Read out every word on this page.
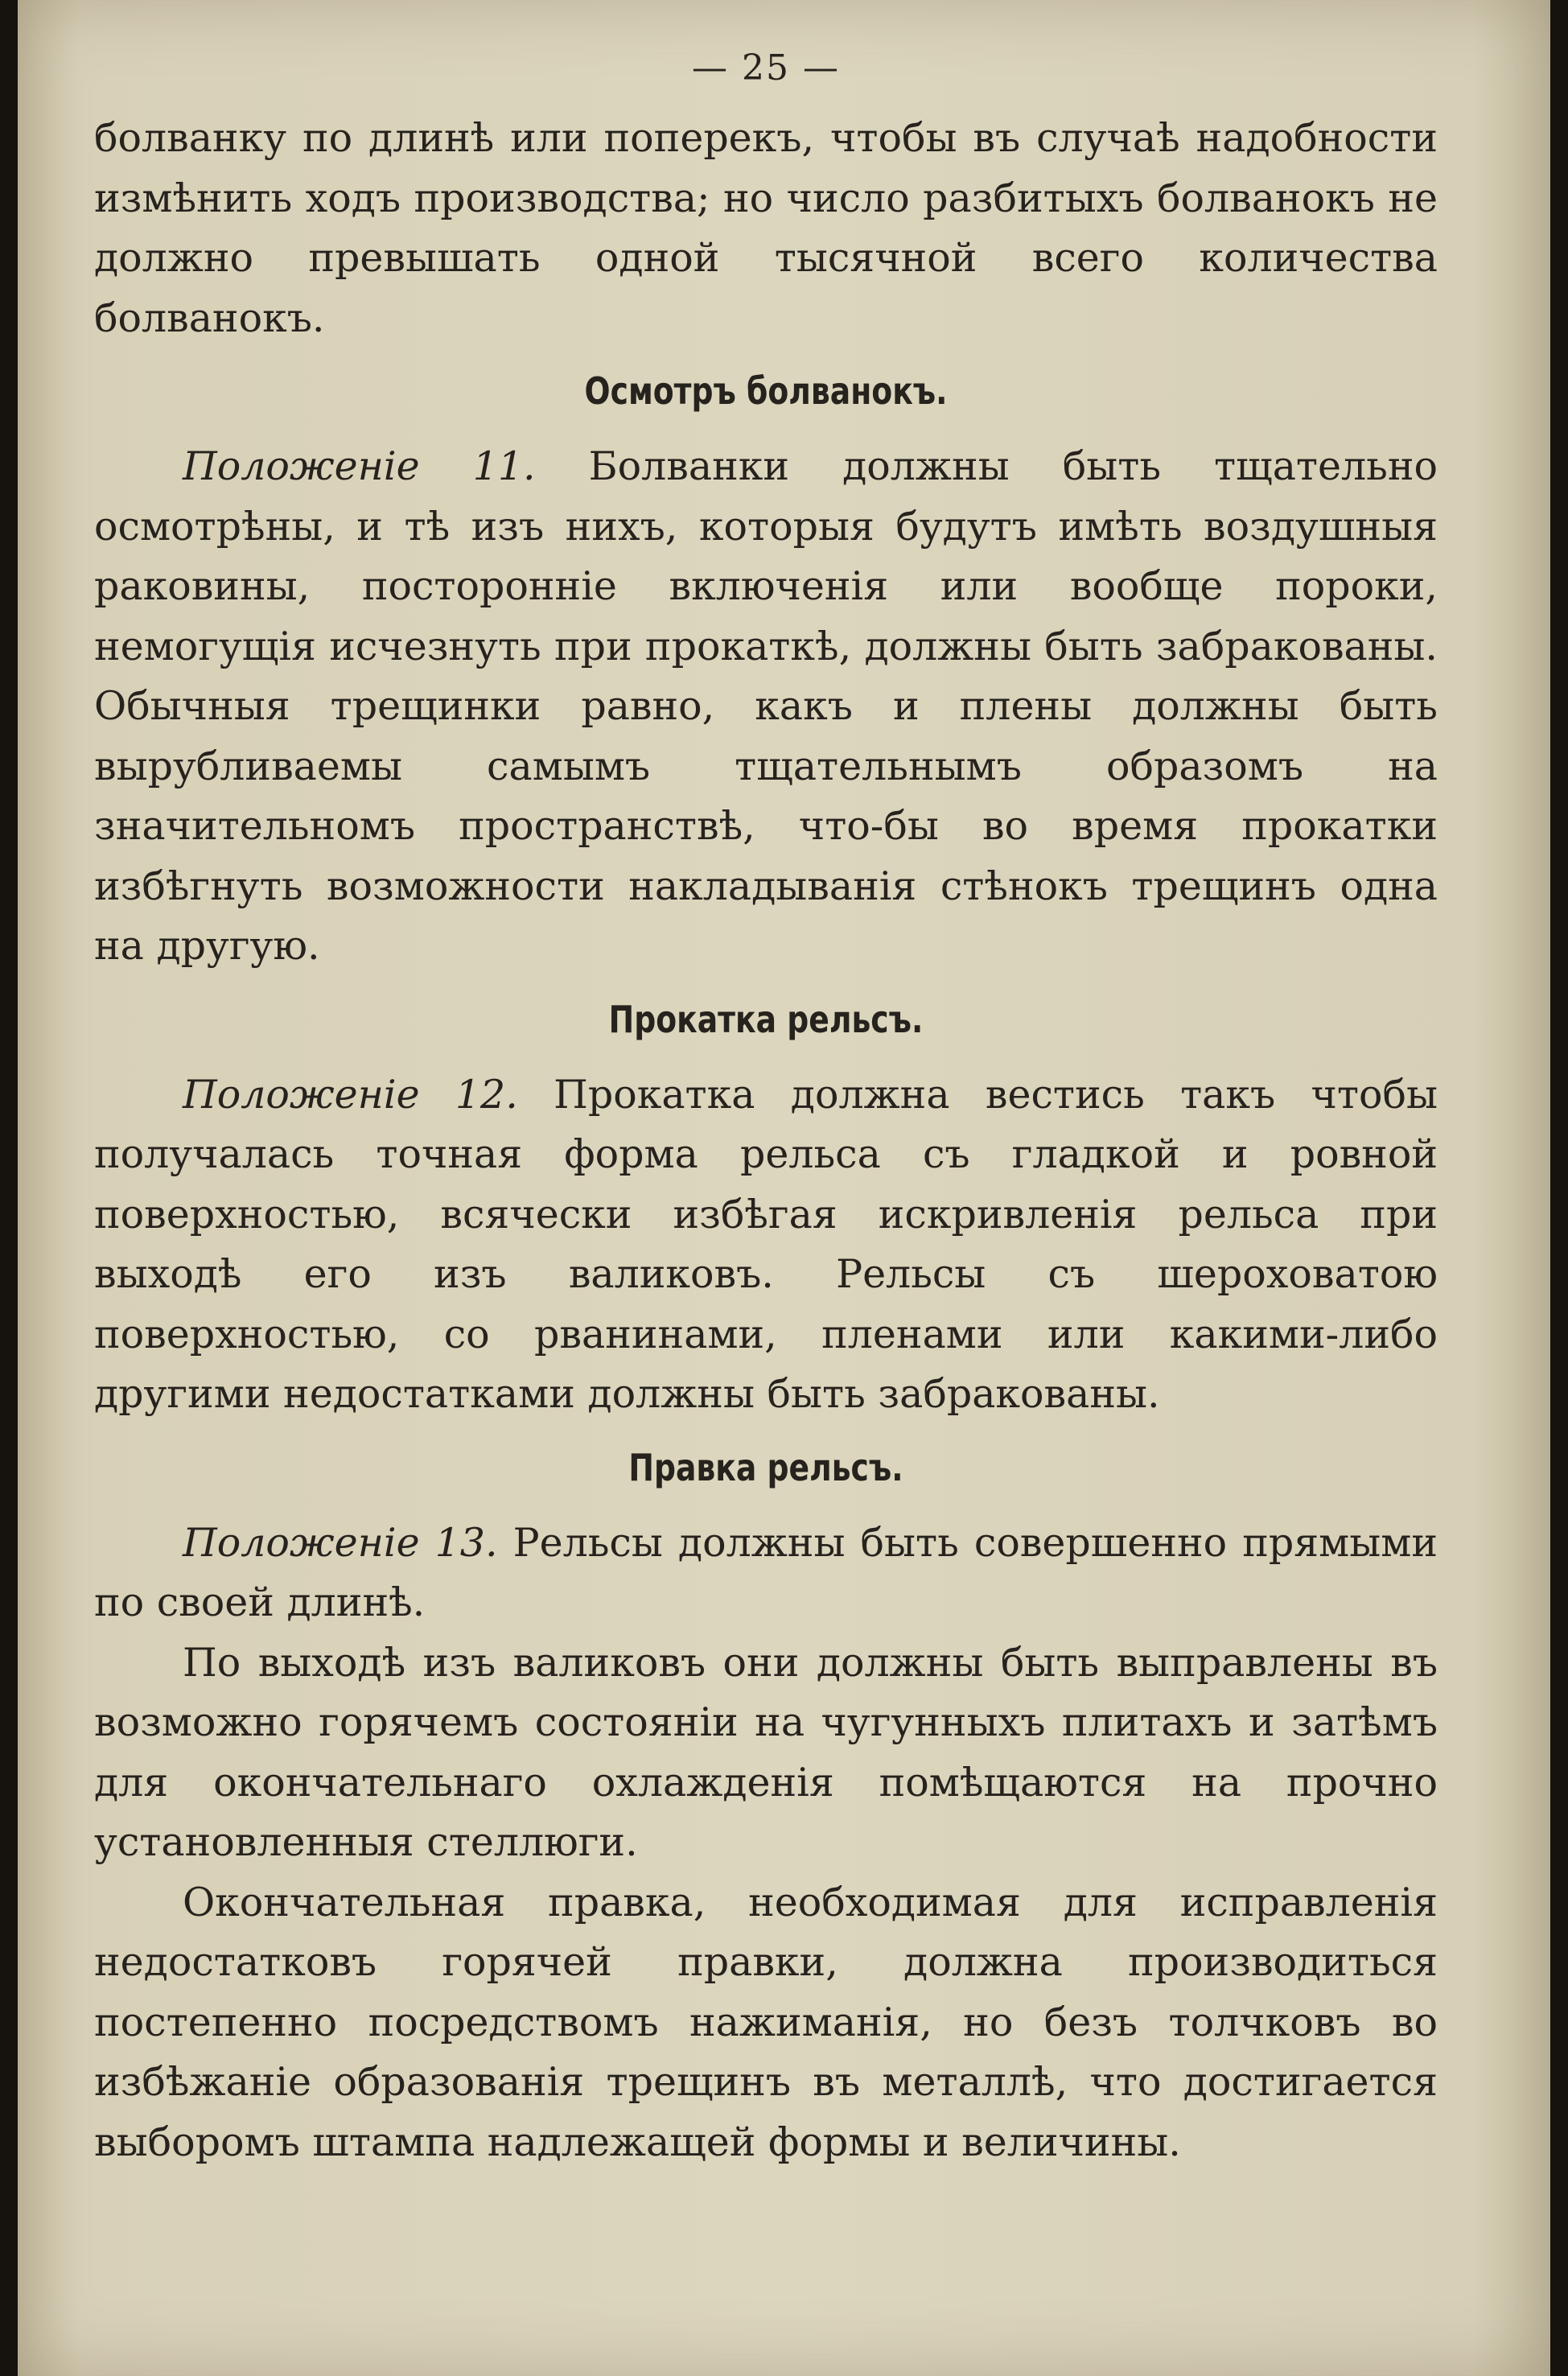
— 25 —

болванку по длинѣ или поперекъ, чтобы въ случаѣ надобности измѣнить ходъ производства; но число разбитыхъ болванокъ не должно превышать одной тысячной всего количества болванокъ.

Осмотръ болванокъ.

Положеніе 11. Болванки должны быть тщательно осмотрѣны, и тѣ изъ нихъ, которыя будутъ имѣть воздушныя раковины, посторонніе включенія или вообще пороки, немогущія исчезнуть при прокаткѣ, должны быть забракованы. Обычныя трещинки равно, какъ и плены должны быть вырубливаемы самымъ тщательнымъ образомъ на значительномъ пространствѣ, что-бы во время прокатки избѣгнуть возможности накладыванія стѣнокъ трещинъ одна на другую.

Прокатка рельсъ.

Положеніе 12. Прокатка должна вестись такъ чтобы получалась точная форма рельса съ гладкой и ровной поверхностью, всячески избѣгая искривленія рельса при выходѣ его изъ валиковъ. Рельсы съ шероховатою поверхностью, со рванинами, пленами или какими-либо другими недостатками должны быть забракованы.

Правка рельсъ.

Положеніе 13. Рельсы должны быть совершенно прямыми по своей длинѣ.

По выходѣ изъ валиковъ они должны быть выправлены въ возможно горячемъ состояніи на чугунныхъ плитахъ и затѣмъ для окончательнаго охлажденія помѣщаются на прочно установленныя стеллюги.

Окончательная правка, необходимая для исправленія недостатковъ горячей правки, должна производиться постепенно посредствомъ нажиманія, но безъ толчковъ во избѣжаніе образованія трещинъ въ металлѣ, что достигается выборомъ штампа надлежащей формы и величины.
